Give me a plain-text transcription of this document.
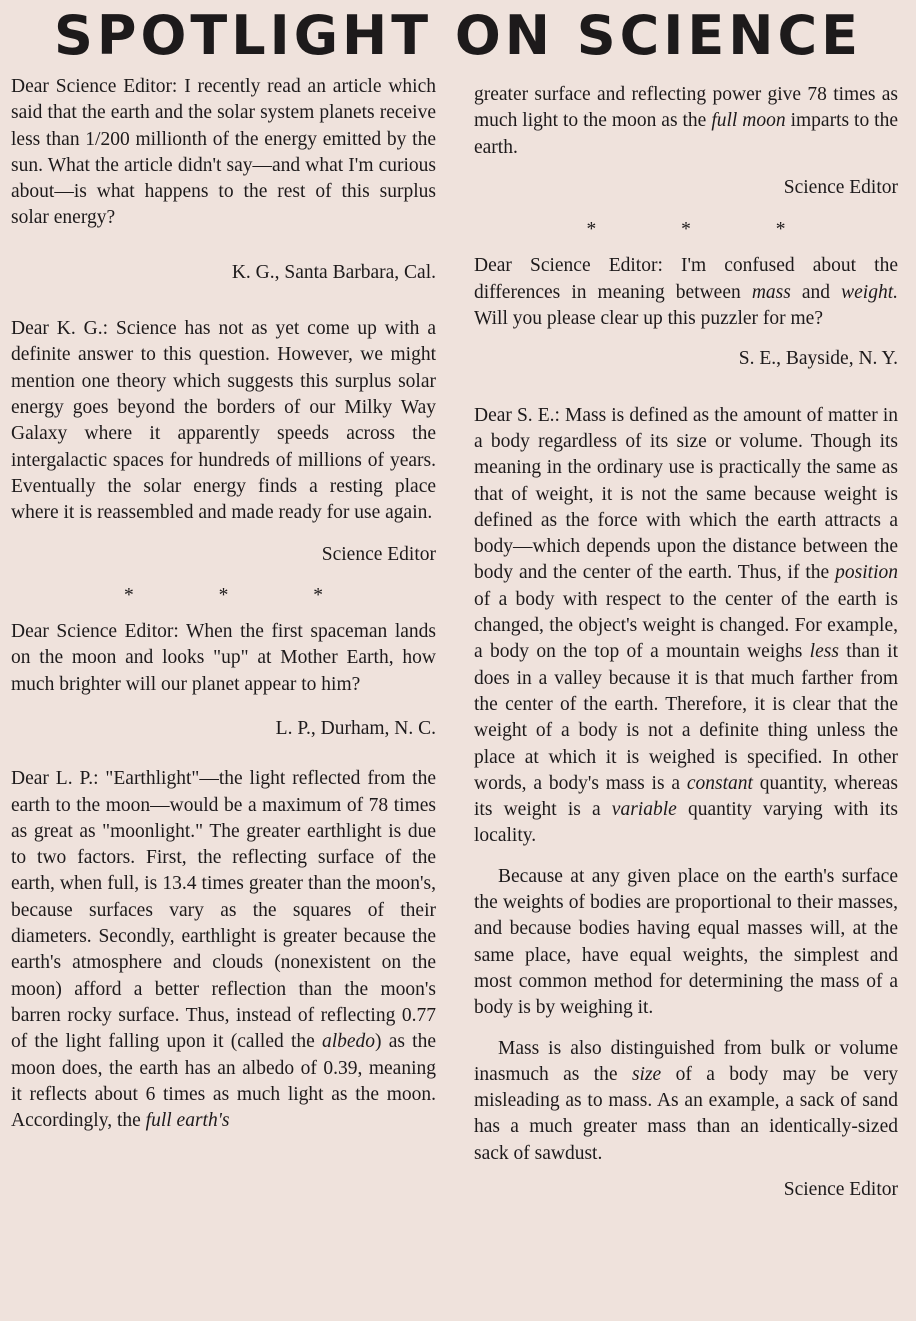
SPOTLIGHT ON SCIENCE

Dear Science Editor: I recently read an article which said that the earth and the solar system planets receive less than 1/200 millionth of the energy emitted by the sun. What the article didn't say—and what I'm curious about—is what happens to the rest of this surplus solar energy?

K. G., Santa Barbara, Cal.

Dear K. G.: Science has not as yet come up with a definite answer to this question. However, we might mention one theory which suggests this surplus solar energy goes beyond the borders of our Milky Way Galaxy where it apparently speeds across the intergalactic spaces for hundreds of millions of years. Eventually the solar energy finds a resting place where it is reassembled and made ready for use again.

Science Editor

* * *

Dear Science Editor: When the first spaceman lands on the moon and looks "up" at Mother Earth, how much brighter will our planet appear to him?

L. P., Durham, N. C.

Dear L. P.: "Earthlight"—the light reflected from the earth to the moon—would be a maximum of 78 times as great as "moonlight." The greater earthlight is due to two factors. First, the reflecting surface of the earth, when full, is 13.4 times greater than the moon's, because surfaces vary as the squares of their diameters. Secondly, earthlight is greater because the earth's atmosphere and clouds (nonexistent on the moon) afford a better reflection than the moon's barren rocky surface. Thus, instead of reflecting 0.77 of the light falling upon it (called the albedo) as the moon does, the earth has an albedo of 0.39, meaning it reflects about 6 times as much light as the moon. Accordingly, the full earth's

greater surface and reflecting power give 78 times as much light to the moon as the full moon imparts to the earth.

Science Editor

* * *

Dear Science Editor: I'm confused about the differences in meaning between mass and weight. Will you please clear up this puzzler for me?

S. E., Bayside, N. Y.

Dear S. E.: Mass is defined as the amount of matter in a body regardless of its size or volume. Though its meaning in the ordinary use is practically the same as that of weight, it is not the same because weight is defined as the force with which the earth attracts a body—which depends upon the distance between the body and the center of the earth. Thus, if the position of a body with respect to the center of the earth is changed, the object's weight is changed. For example, a body on the top of a mountain weighs less than it does in a valley because it is that much farther from the center of the earth. Therefore, it is clear that the weight of a body is not a definite thing unless the place at which it is weighed is specified. In other words, a body's mass is a constant quantity, whereas its weight is a variable quantity varying with its locality.

Because at any given place on the earth's surface the weights of bodies are proportional to their masses, and because bodies having equal masses will, at the same place, have equal weights, the simplest and most common method for determining the mass of a body is by weighing it.

Mass is also distinguished from bulk or volume inasmuch as the size of a body may be very misleading as to mass. As an example, a sack of sand has a much greater mass than an identically-sized sack of sawdust.

Science Editor
